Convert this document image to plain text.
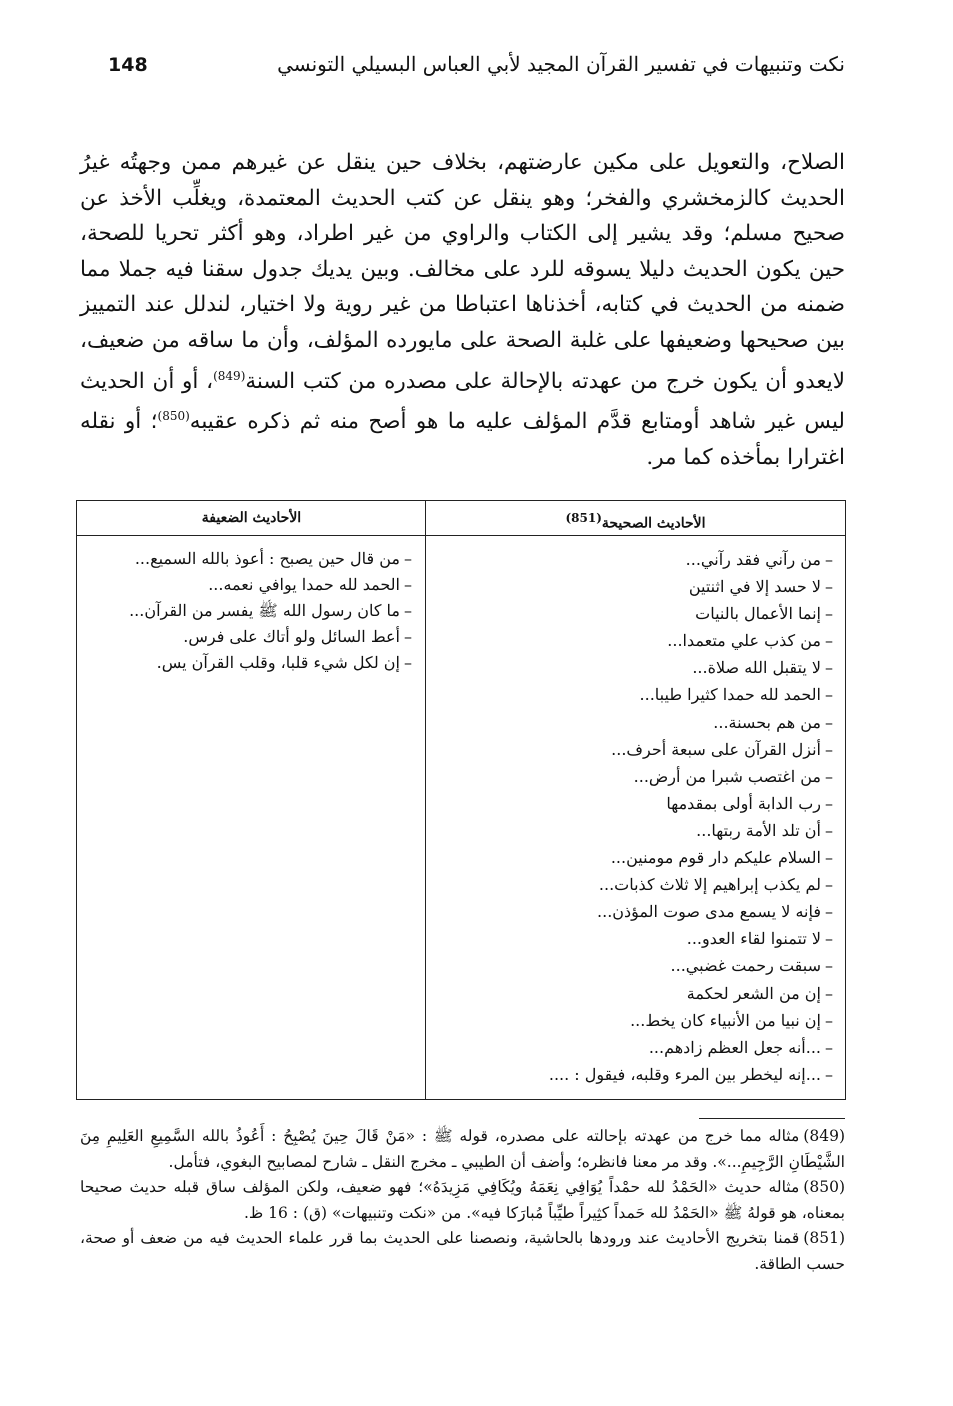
نكت وتنبيهات في تفسير القرآن المجيد لأبي العباس البسيلي التونسي
148

الصلاح، والتعويل على مكين عارضتهم، بخلاف حين ينقل عن غيرهم ممن وجهتُه غيرُ الحديث كالزمخشري والفخر؛ وهو ينقل عن كتب الحديث المعتمدة، ويغلِّب الأخذ عن صحيح مسلم؛ وقد يشير إلى الكتاب والراوي من غير اطراد، وهو أكثر تحريا للصحة، حين يكون الحديث دليلا يسوقه للرد على مخالف. وبين يديك جدول سقنا فيه جملا مما ضمنه من الحديث في كتابه، أخذناها اعتباطا من غير روية ولا اختيار، لندلل عند التمييز بين صحيحها وضعيفها على غلبة الصحة على مايورده المؤلف، وأن ما ساقه من ضعيف، لايعدو أن يكون خرج من عهدته بالإحالة على مصدره من كتب السنة$^{(849)}$، أو أن الحديث ليس غير شاهد أومتابع قدَّم المؤلف عليه ما هو أصح منه ثم ذكره عقيبه$^{(850)}$؛ أو نقله اغترارا بمأخذه كما مر.

الأحاديث الصحيحة$^{(851)}$
–من رآني فقد رآني...
–لا حسد إلا في اثنتين
–إنما الأعمال بالنيات
–من كذب علي متعمدا...
–لا يتقبل الله صلاة...
–الحمد لله حمدا كثيرا طيبا...
–من هم بحسنة...
–أنزل القرآن على سبعة أحرف...
–من اغتصب شبرا من أرض...
–رب الدابة أولى بمقدمها
–أن تلد الأمة ربتها...
–السلام عليكم دار قوم مومنين...
–لم يكذب إبراهيم إلا ثلاث كذبات...
–فإنه لا يسمع مدى صوت المؤذن...
–لا تتمنوا لقاء العدو...
–سبقت رحمت غضبي...
–إن من الشعر لحكمة
–إن نبيا من الأنبياء كان يخط...
–...أنه جعل العظم زادهم...
–...إنه ليخطر بين المرء وقلبه، فيقول : ....
الأحاديث الضعيفة
–من قال حين يصبح : أعوذ بالله السميع...
–الحمد لله حمدا يوافي نعمه...
–ما كان رسول الله ﷺ يفسر من القرآن...
–أعط السائل ولو أتاك على فرس.
–إن لكل شيء قلبا، وقلب القرآن يس.

(849)مثاله مما خرج من عهدته بإحالته على مصدره، قوله ﷺ : «مَنْ قَالَ حِينَ يُصْبِحُ : أَعُوذُ بالله السَّمِيعِ العَلِيمِ مِنَ الشَّيْطَانِ الرَّجِيمِ...». وقد مر معنا فانظره؛ وأضف أن الطيبي ـ مخرج النقل ـ شارح لمصابيح البغوي، فتأمل.

(850)مثاله حديث «الحَمْدُ لله حمْداً يُوَافِي نِعَمَهُ ويُكَافِي مَزِيدَهُ»؛ فهو ضعيف، ولكن المؤلف ساق قبله حديث صحيحا بمعناه، هو قولهُ ﷺ «الحَمْدُ لله حَمداً كثِيراً طيِّباً مُبارَكا فيه». من «نكت وتنبيهات» (ق) : 16 ظ.

(851)قمنا بتخريج الأحاديث عند ورودها بالحاشية، ونصصنا على الحديث بما قرر علماء الحديث فيه من ضعف أو صحة، حسب الطاقة.
